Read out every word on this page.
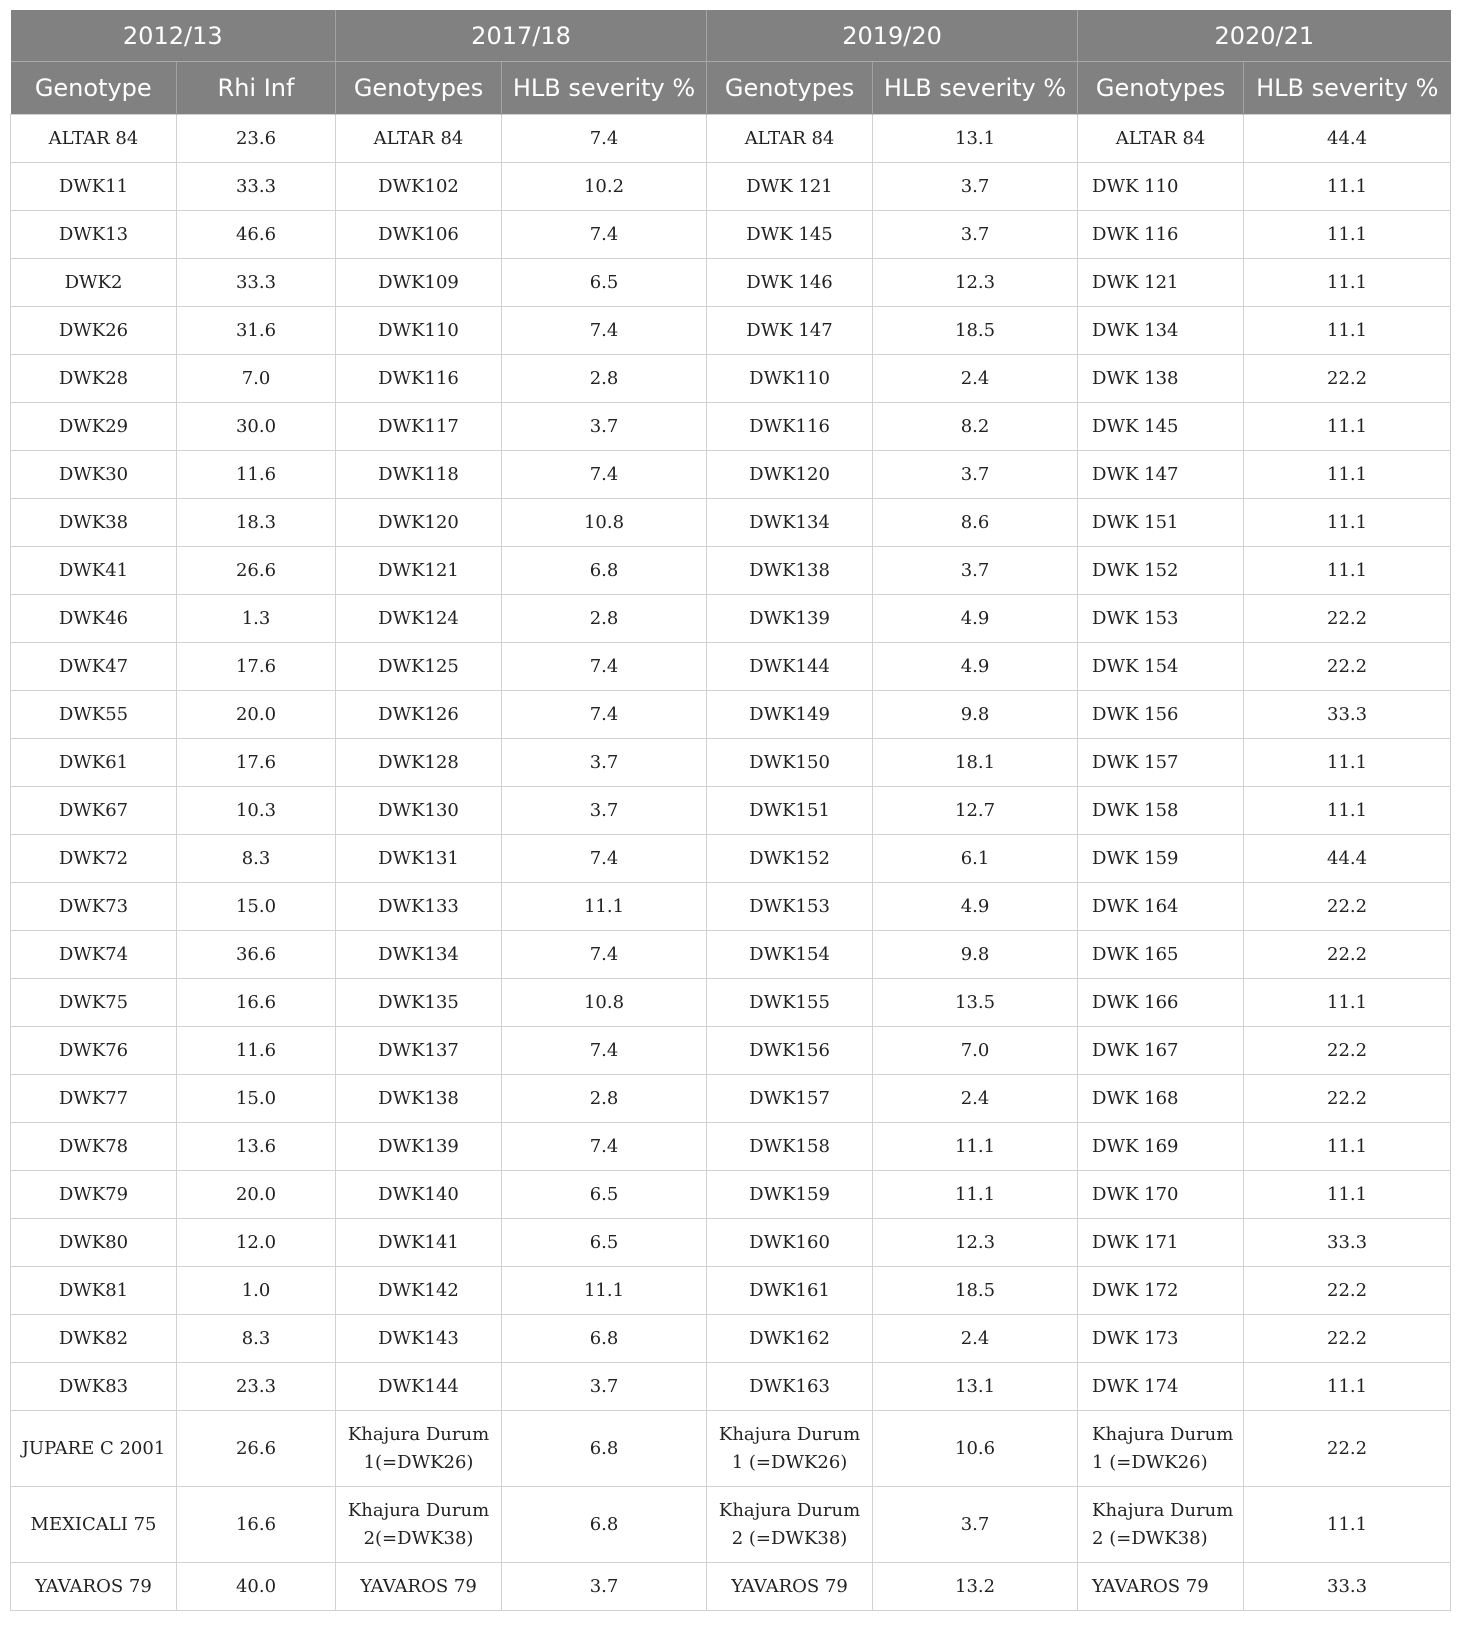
2012/13		2017/18		2019/20		2020/21	
Genotype	Rhi Inf	Genotypes	HLB severity %	Genotypes	HLB severity %	Genotypes	HLB severity %
ALTAR 84	23.6	ALTAR 84	7.4	ALTAR 84	13.1	ALTAR 84	44.4
DWK11	33.3	DWK102	10.2	DWK 121	3.7	DWK 110	11.1
DWK13	46.6	DWK106	7.4	DWK 145	3.7	DWK 116	11.1
DWK2	33.3	DWK109	6.5	DWK 146	12.3	DWK 121	11.1
DWK26	31.6	DWK110	7.4	DWK 147	18.5	DWK 134	11.1
DWK28	7.0	DWK116	2.8	DWK110	2.4	DWK 138	22.2
DWK29	30.0	DWK117	3.7	DWK116	8.2	DWK 145	11.1
DWK30	11.6	DWK118	7.4	DWK120	3.7	DWK 147	11.1
DWK38	18.3	DWK120	10.8	DWK134	8.6	DWK 151	11.1
DWK41	26.6	DWK121	6.8	DWK138	3.7	DWK 152	11.1
DWK46	1.3	DWK124	2.8	DWK139	4.9	DWK 153	22.2
DWK47	17.6	DWK125	7.4	DWK144	4.9	DWK 154	22.2
DWK55	20.0	DWK126	7.4	DWK149	9.8	DWK 156	33.3
DWK61	17.6	DWK128	3.7	DWK150	18.1	DWK 157	11.1
DWK67	10.3	DWK130	3.7	DWK151	12.7	DWK 158	11.1
DWK72	8.3	DWK131	7.4	DWK152	6.1	DWK 159	44.4
DWK73	15.0	DWK133	11.1	DWK153	4.9	DWK 164	22.2
DWK74	36.6	DWK134	7.4	DWK154	9.8	DWK 165	22.2
DWK75	16.6	DWK135	10.8	DWK155	13.5	DWK 166	11.1
DWK76	11.6	DWK137	7.4	DWK156	7.0	DWK 167	22.2
DWK77	15.0	DWK138	2.8	DWK157	2.4	DWK 168	22.2
DWK78	13.6	DWK139	7.4	DWK158	11.1	DWK 169	11.1
DWK79	20.0	DWK140	6.5	DWK159	11.1	DWK 170	11.1
DWK80	12.0	DWK141	6.5	DWK160	12.3	DWK 171	33.3
DWK81	1.0	DWK142	11.1	DWK161	18.5	DWK 172	22.2
DWK82	8.3	DWK143	6.8	DWK162	2.4	DWK 173	22.2
DWK83	23.3	DWK144	3.7	DWK163	13.1	DWK 174	11.1
JUPARE C 2001	26.6	Khajura Durum 1(=DWK26)	6.8	Khajura Durum 1 (=DWK26)	10.6	Khajura Durum 1 (=DWK26)	22.2
MEXICALI 75	16.6	Khajura Durum 2(=DWK38)	6.8	Khajura Durum 2 (=DWK38)	3.7	Khajura Durum 2 (=DWK38)	11.1
YAVAROS 79	40.0	YAVAROS 79	3.7	YAVAROS 79	13.2	YAVAROS 79	33.3
